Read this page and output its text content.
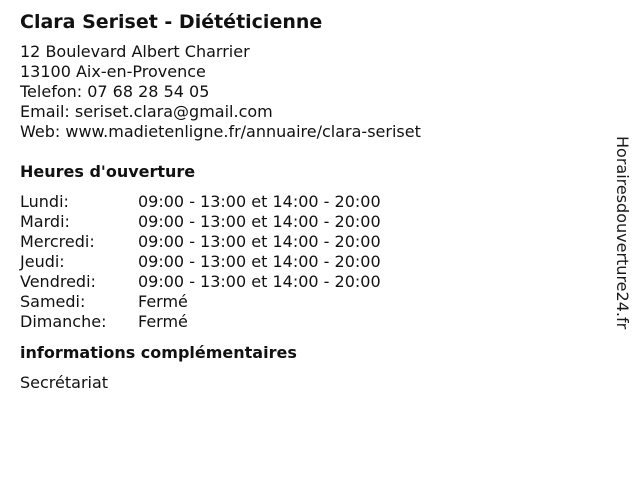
Clara Seriset - Diététicienne
12 Boulevard Albert Charrier
13100 Aix-en-Provence
Telefon: 07 68 28 54 05
Email: seriset.clara@gmail.com
Web: www.madietenligne.fr/annuaire/clara-seriset
Heures d'ouverture
Lundi:	09:00 - 13:00 et 14:00 - 20:00
Mardi:	09:00 - 13:00 et 14:00 - 20:00
Mercredi:	09:00 - 13:00 et 14:00 - 20:00
Jeudi:	09:00 - 13:00 et 14:00 - 20:00
Vendredi:	09:00 - 13:00 et 14:00 - 20:00
Samedi:	Fermé
Dimanche:	Fermé
informations complémentaires
Secrétariat
Horairesdouverture24.fr
